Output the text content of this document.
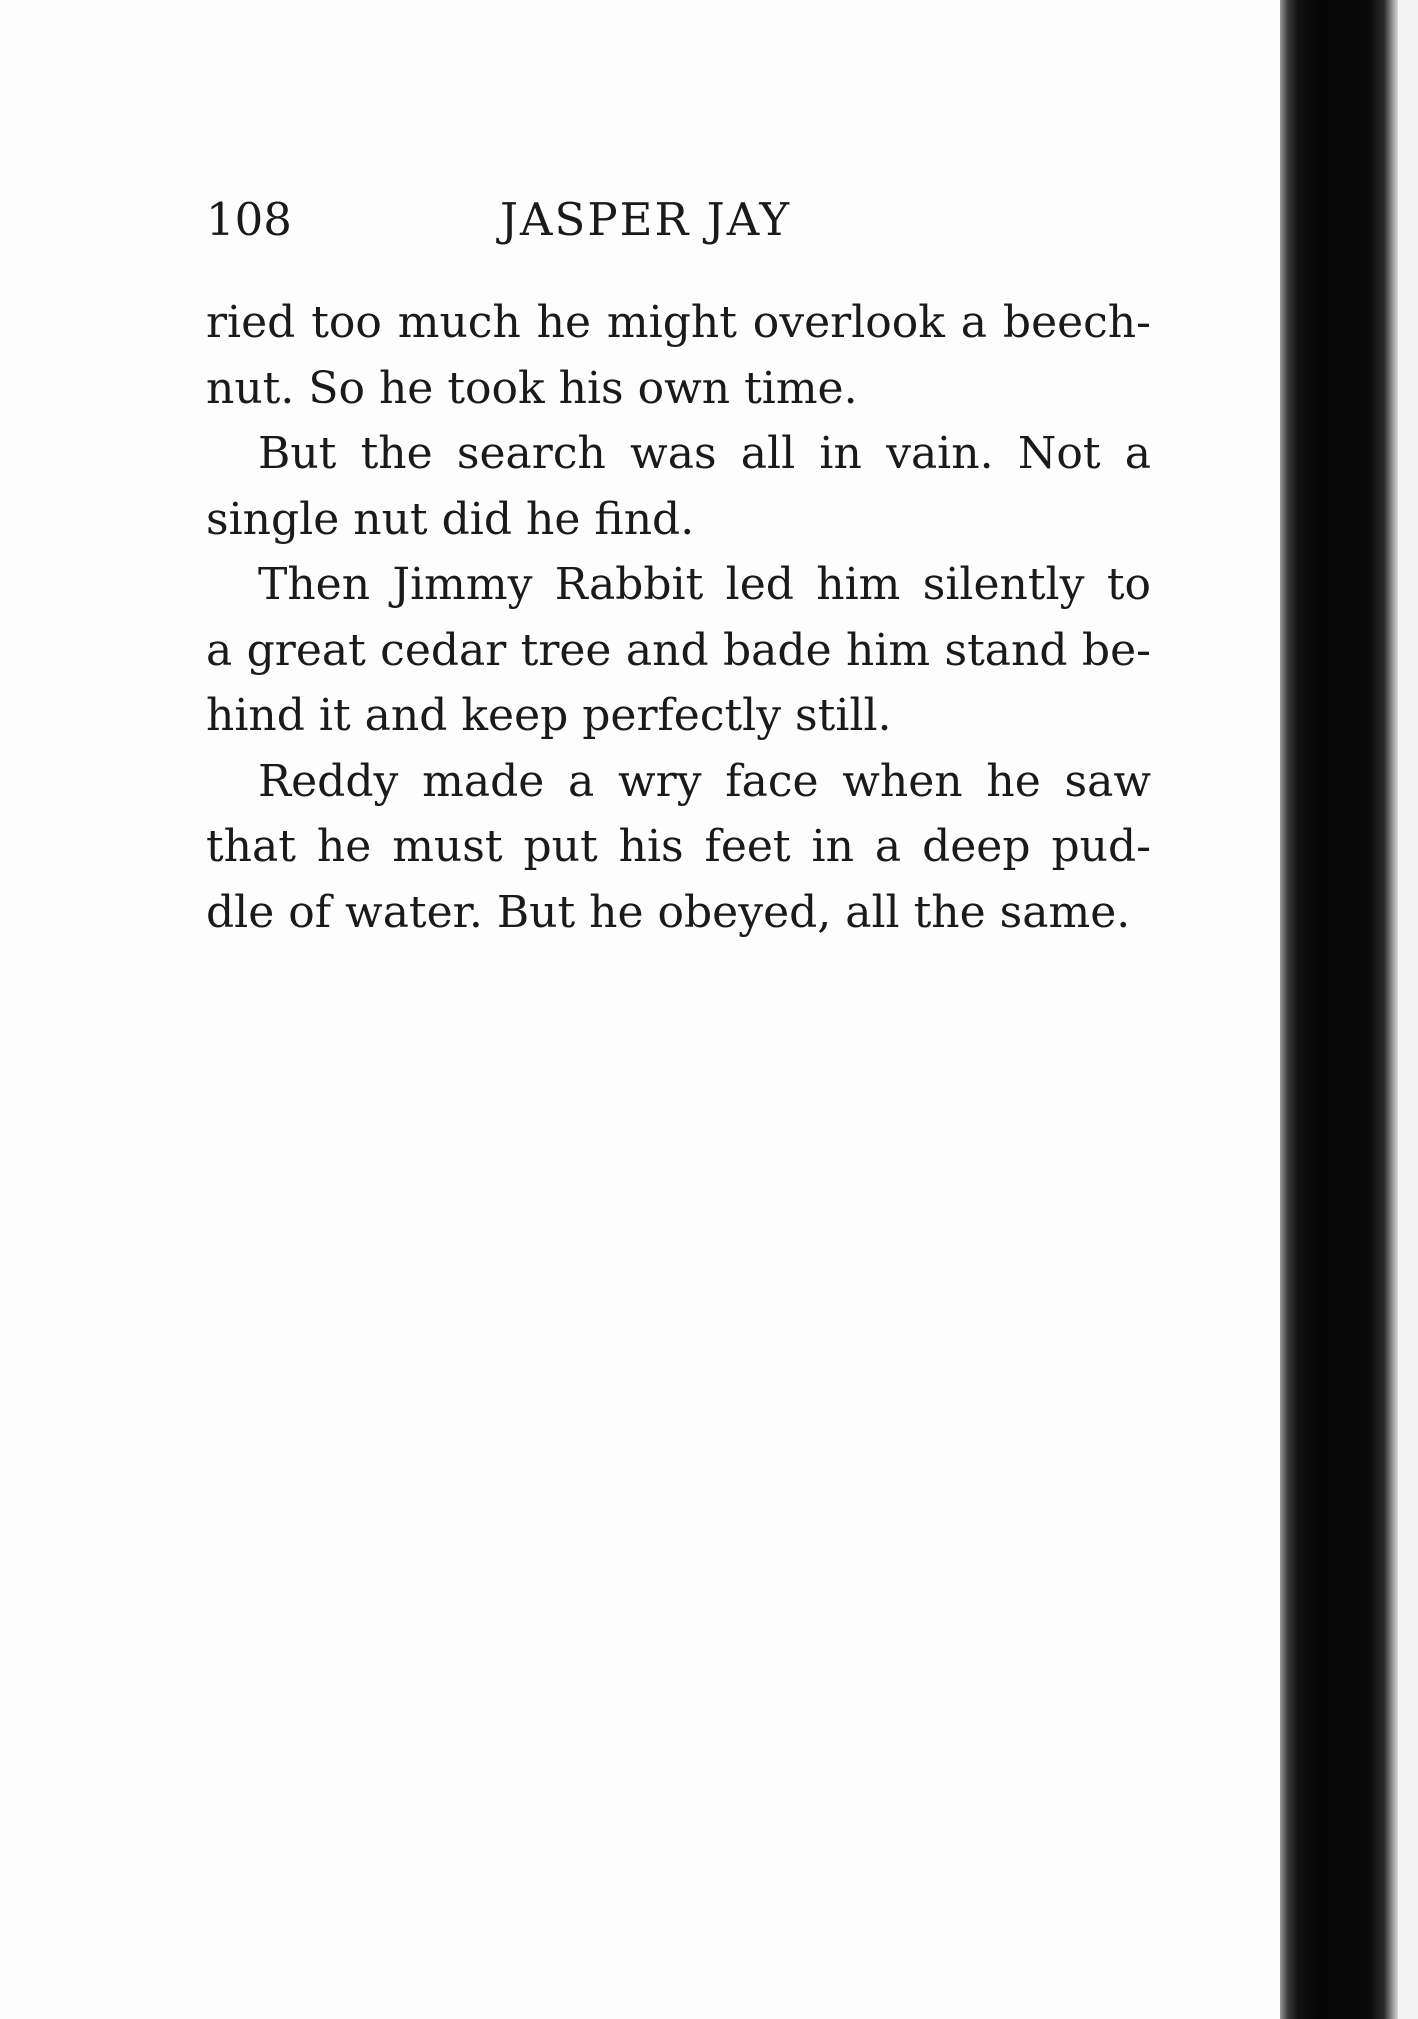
108	JASPER JAY
ried too much he might overlook a beech-
nut. So he took his own time.
But the search was all in vain. Not a
single nut did he find.
Then Jimmy Rabbit led him silently to
a great cedar tree and bade him stand be-
hind it and keep perfectly still.
Reddy made a wry face when he saw
that he must put his feet in a deep pud-
dle of water. But he obeyed, all the same.
